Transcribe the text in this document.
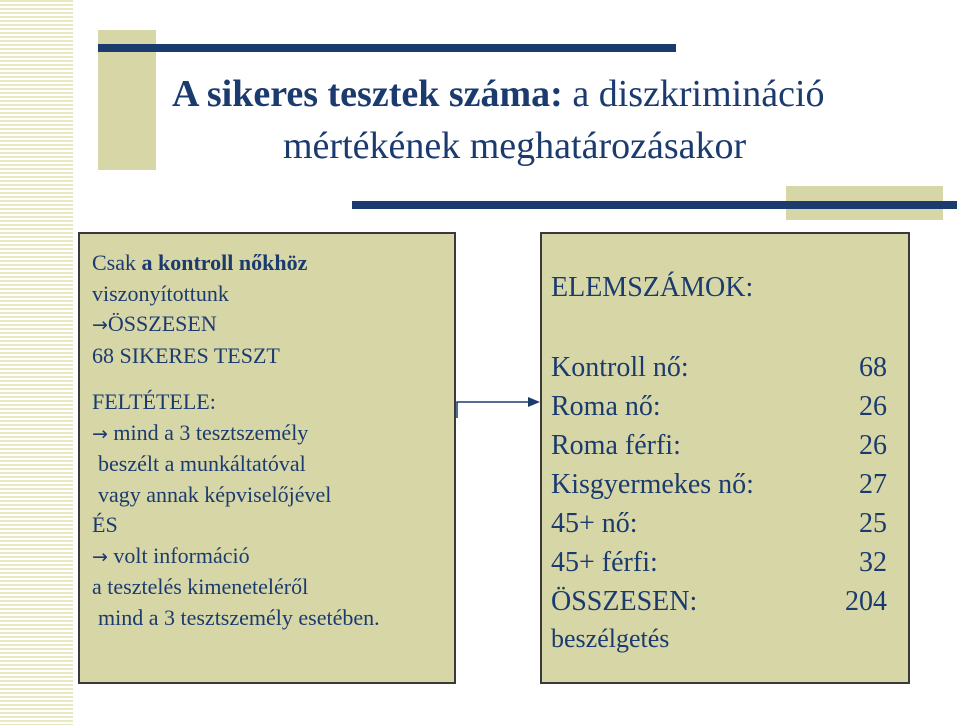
A sikeres tesztek száma: a diszkrimináció
mértékének meghatározásakor
Csak a kontroll nőkhöz
viszonyítottunk
→ÖSSZESEN
68 SIKERES TESZT
FELTÉTELE:
→ mind a 3 tesztszemély
beszélt a munkáltatóval
vagy annak képviselőjével
ÉS
→ volt információ
a tesztelés kimeneteléről
mind a 3 tesztszemély esetében.
ELEMSZÁMOK:
Kontroll nő:	68
Roma nő:	26
Roma férfi:	26
Kisgyermekes nő:	27
45+ nő:	25
45+ férfi:	32
ÖSSZESEN:	204
beszélgetés
